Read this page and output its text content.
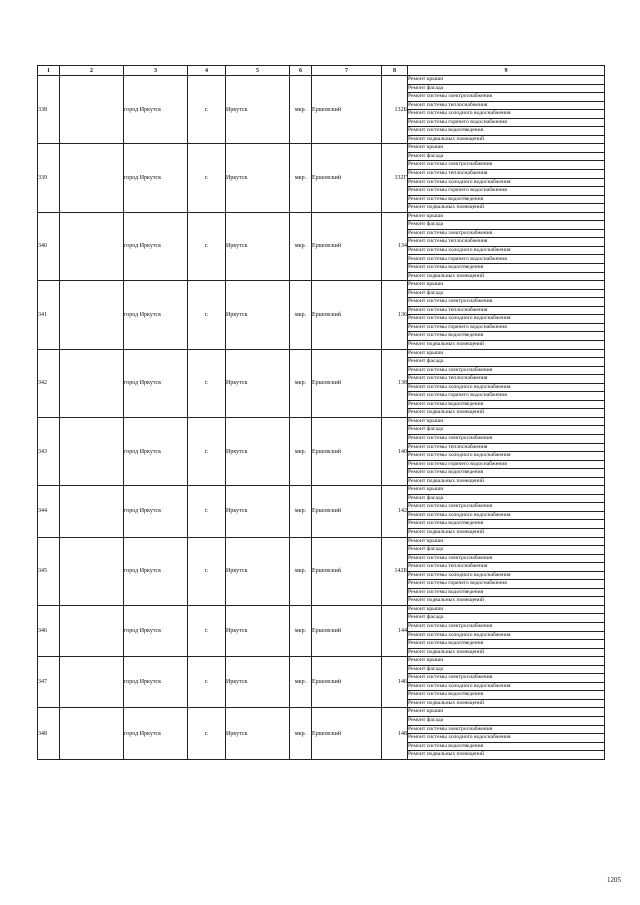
1	2	3	4	5	6	7	8	9
338		город Иркутск	г.	Иркутск	мкр.	Ершовский	132Б	Ремонт крыши
								Ремонт фасада
								Ремонт системы электроснабжения
								Ремонт системы теплоснабжения
								Ремонт системы холодного водоснабжения
								Ремонт системы горячего водоснабжения
								Ремонт системы водоотведения
								Ремонт подвальных помещений
339		город Иркутск	г.	Иркутск	мкр.	Ершовский	132Г	Ремонт крыши
								Ремонт фасада
								Ремонт системы электроснабжения
								Ремонт системы теплоснабжения
								Ремонт системы холодного водоснабжения
								Ремонт системы горячего водоснабжения
								Ремонт системы водоотведения
								Ремонт подвальных помещений
340		город Иркутск	г.	Иркутск	мкр.	Ершовский	134	Ремонт крыши
								Ремонт фасада
								Ремонт системы электроснабжения
								Ремонт системы теплоснабжения
								Ремонт системы холодного водоснабжения
								Ремонт системы горячего водоснабжения
								Ремонт системы водоотведения
								Ремонт подвальных помещений
341		город Иркутск	г.	Иркутск	мкр.	Ершовский	136	Ремонт крыши
								Ремонт фасада
								Ремонт системы электроснабжения
								Ремонт системы теплоснабжения
								Ремонт системы холодного водоснабжения
								Ремонт системы горячего водоснабжения
								Ремонт системы водоотведения
								Ремонт подвальных помещений
342		город Иркутск	г.	Иркутск	мкр.	Ершовский	138	Ремонт крыши
								Ремонт фасада
								Ремонт системы электроснабжения
								Ремонт системы теплоснабжения
								Ремонт системы холодного водоснабжения
								Ремонт системы горячего водоснабжения
								Ремонт системы водоотведения
								Ремонт подвальных помещений
343		город Иркутск	г.	Иркутск	мкр.	Ершовский	140	Ремонт крыши
								Ремонт фасада
								Ремонт системы электроснабжения
								Ремонт системы теплоснабжения
								Ремонт системы холодного водоснабжения
								Ремонт системы горячего водоснабжения
								Ремонт системы водоотведения
								Ремонт подвальных помещений
344		город Иркутск	г.	Иркутск	мкр.	Ершовский	142	Ремонт крыши
								Ремонт фасада
								Ремонт системы электроснабжения
								Ремонт системы холодного водоснабжения
								Ремонт системы водоотведения
								Ремонт подвальных помещений
345		город Иркутск	г.	Иркутск	мкр.	Ершовский	142Б	Ремонт крыши
								Ремонт фасада
								Ремонт системы электроснабжения
								Ремонт системы теплоснабжения
								Ремонт системы холодного водоснабжения
								Ремонт системы горячего водоснабжения
								Ремонт системы водоотведения
								Ремонт подвальных помещений
346		город Иркутск	г.	Иркутск	мкр.	Ершовский	144	Ремонт крыши
								Ремонт фасада
								Ремонт системы электроснабжения
								Ремонт системы холодного водоснабжения
								Ремонт системы водоотведения
								Ремонт подвальных помещений
347		город Иркутск	г.	Иркутск	мкр.	Ершовский	146	Ремонт крыши
								Ремонт фасада
								Ремонт системы электроснабжения
								Ремонт системы холодного водоснабжения
								Ремонт системы водоотведения
								Ремонт подвальных помещений
348		город Иркутск	г.	Иркутск	мкр.	Ершовский	148	Ремонт крыши
								Ремонт фасада
								Ремонт системы электроснабжения
								Ремонт системы холодного водоснабжения
								Ремонт системы водоотведения
								Ремонт подвальных помещений
1205
